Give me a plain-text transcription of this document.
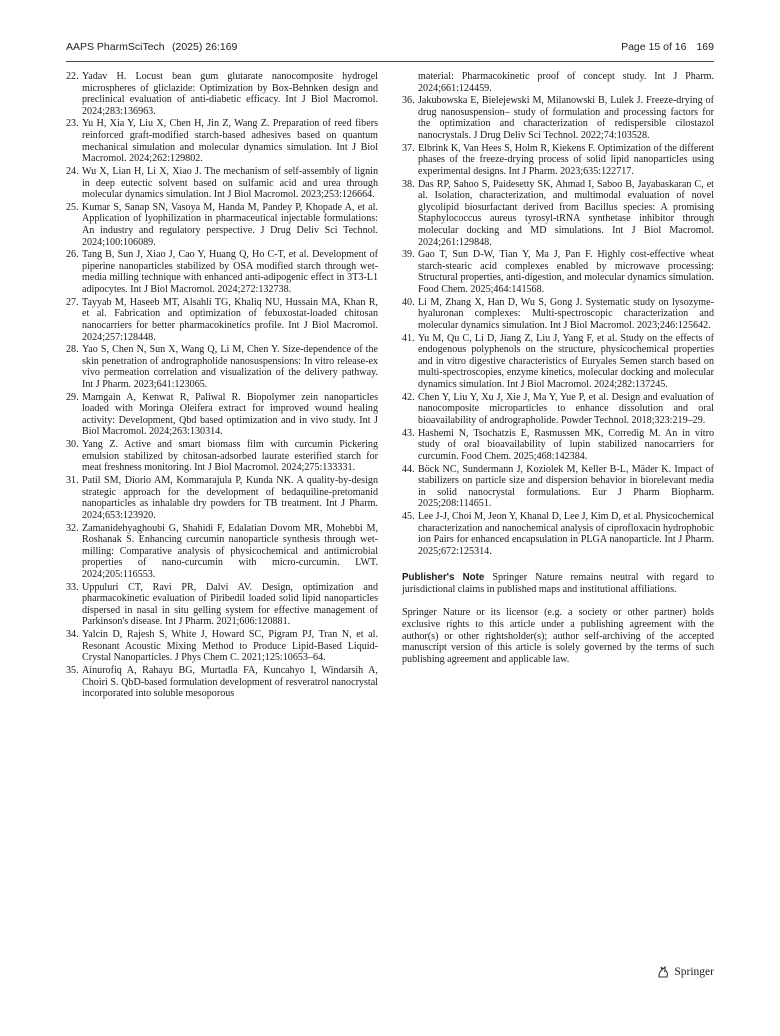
AAPS PharmSciTech (2025) 26:169	Page 15 of 16 169
22. Yadav H. Locust bean gum glutarate nanocomposite hydrogel microspheres of gliclazide: Optimization by Box-Behnken design and preclinical evaluation of anti-diabetic efficacy. Int J Biol Macromol. 2024;283:136963.
23. Yu H, Xia Y, Liu X, Chen H, Jin Z, Wang Z. Preparation of reed fibers reinforced graft-modified starch-based adhesives based on quantum mechanical simulation and molecular dynamics simulation. Int J Biol Macromol. 2024;262:129802.
24. Wu X, Lian H, Li X, Xiao J. The mechanism of self-assembly of lignin in deep eutectic solvent based on sulfamic acid and urea through molecular dynamics simulation. Int J Biol Macromol. 2023;253:126664.
25. Kumar S, Sanap SN, Vasoya M, Handa M, Pandey P, Khopade A, et al. Application of lyophilization in pharmaceutical injectable formulations: An industry and regulatory perspective. J Drug Deliv Sci Technol. 2024;100:106089.
26. Tang B, Sun J, Xiao J, Cao Y, Huang Q, Ho C-T, et al. Development of piperine nanoparticles stabilized by OSA modified starch through wet-media milling technique with enhanced anti-adipogenic effect in 3T3-L1 adipocytes. Int J Biol Macromol. 2024;272:132738.
27. Tayyab M, Haseeb MT, Alsahli TG, Khaliq NU, Hussain MA, Khan R, et al. Fabrication and optimization of febuxostat-loaded chitosan nanocarriers for better pharmacokinetics profile. Int J Biol Macromol. 2024;257:128448.
28. Yao S, Chen N, Sun X, Wang Q, Li M, Chen Y. Size-dependence of the skin penetration of andrographolide nanosuspensions: In vitro release-ex vivo permeation correlation and visualization of the delivery pathway. Int J Pharm. 2023;641:123065.
29. Mamgain A, Kenwat R, Paliwal R. Biopolymer zein nanoparticles loaded with Moringa Oleifera extract for improved wound healing activity: Development, Qbd based optimization and in vivo study. Int J Biol Macromol. 2024;263:130314.
30. Yang Z. Active and smart biomass film with curcumin Pickering emulsion stabilized by chitosan-adsorbed laurate esterified starch for meat freshness monitoring. Int J Biol Macromol. 2024;275:133331.
31. Patil SM, Diorio AM, Kommarajula P, Kunda NK. A quality-by-design strategic approach for the development of bedaquiline-pretomanid nanoparticles as inhalable dry powders for TB treatment. Int J Pharm. 2024;653:123920.
32. Zamanidehyaghoubi G, Shahidi F, Edalatian Dovom MR, Mohebbi M, Roshanak S. Enhancing curcumin nanoparticle synthesis through wet-milling: Comparative analysis of physicochemical and antimicrobial properties of nano-curcumin with micro-curcumin. LWT. 2024;205:116553.
33. Uppuluri CT, Ravi PR, Dalvi AV. Design, optimization and pharmacokinetic evaluation of Piribedil loaded solid lipid nanoparticles dispersed in nasal in situ gelling system for effective management of Parkinson's disease. Int J Pharm. 2021;606:120881.
34. Yalcin D, Rajesh S, White J, Howard SC, Pigram PJ, Tran N, et al. Resonant Acoustic Mixing Method to Produce Lipid-Based Liquid-Crystal Nanoparticles. J Phys Chem C. 2021;125:10653–64.
35. Ainurofiq A, Rahayu BG, Murtadla FA, Kuncahyo I, Windarsih A, Choiri S. QbD-based formulation development of resveratrol nanocrystal incorporated into soluble mesoporous
material: Pharmacokinetic proof of concept study. Int J Pharm. 2024;661:124459.
36. Jakubowska E, Bielejewski M, Milanowski B, Lulek J. Freeze-drying of drug nanosuspension– study of formulation and processing factors for the optimization and characterization of redispersible cilostazol nanocrystals. J Drug Deliv Sci Technol. 2022;74:103528.
37. Elbrink K, Van Hees S, Holm R, Kiekens F. Optimization of the different phases of the freeze-drying process of solid lipid nanoparticles using experimental designs. Int J Pharm. 2023;635:122717.
38. Das RP, Sahoo S, Paidesetty SK, Ahmad I, Saboo B, Jayabaskaran C, et al. Isolation, characterization, and multimodal evaluation of novel glycolipid biosurfactant derived from Bacillus species: A promising Staphylococcus aureus tyrosyl-tRNA synthetase inhibitor through molecular docking and MD simulations. Int J Biol Macromol. 2024;261:129848.
39. Gao T, Sun D-W, Tian Y, Ma J, Pan F. Highly cost-effective wheat starch-stearic acid complexes enabled by microwave processing: Structural properties, anti-digestion, and molecular dynamics simulation. Food Chem. 2025;464:141568.
40. Li M, Zhang X, Han D, Wu S, Gong J. Systematic study on lysozyme-hyaluronan complexes: Multi-spectroscopic characterization and molecular dynamics simulation. Int J Biol Macromol. 2023;246:125642.
41. Yu M, Qu C, Li D, Jiang Z, Liu J, Yang F, et al. Study on the effects of endogenous polyphenols on the structure, physicochemical properties and in vitro digestive characteristics of Euryales Semen starch based on multi-spectroscopies, enzyme kinetics, molecular docking and molecular dynamics simulation. Int J Biol Macromol. 2024;282:137245.
42. Chen Y, Liu Y, Xu J, Xie J, Ma Y, Yue P, et al. Design and evaluation of nanocomposite microparticles to enhance dissolution and oral bioavailability of andrographolide. Powder Technol. 2018;323:219–29.
43. Hashemi N, Tsochatzis E, Rasmussen MK, Corredig M. An in vitro study of oral bioavailability of lupin stabilized nanocarriers for curcumin. Food Chem. 2025;468:142384.
44. Böck NC, Sundermann J, Koziolek M, Keller B-L, Mäder K. Impact of stabilizers on particle size and dispersion behavior in biorelevant media in solid nanocrystal formulations. Eur J Pharm Biopharm. 2025;208:114651.
45. Lee J-J, Choi M, Jeon Y, Khanal D, Lee J, Kim D, et al. Physicochemical characterization and nanochemical analysis of ciprofloxacin hydrophobic ion Pairs for enhanced encapsulation in PLGA nanoparticle. Int J Pharm. 2025;672:125314.

Publisher's Note Springer Nature remains neutral with regard to jurisdictional claims in published maps and institutional affiliations.

Springer Nature or its licensor (e.g. a society or other partner) holds exclusive rights to this article under a publishing agreement with the author(s) or other rightsholder(s); author self-archiving of the accepted manuscript version of this article is solely governed by the terms of such publishing agreement and applicable law.

Springer
